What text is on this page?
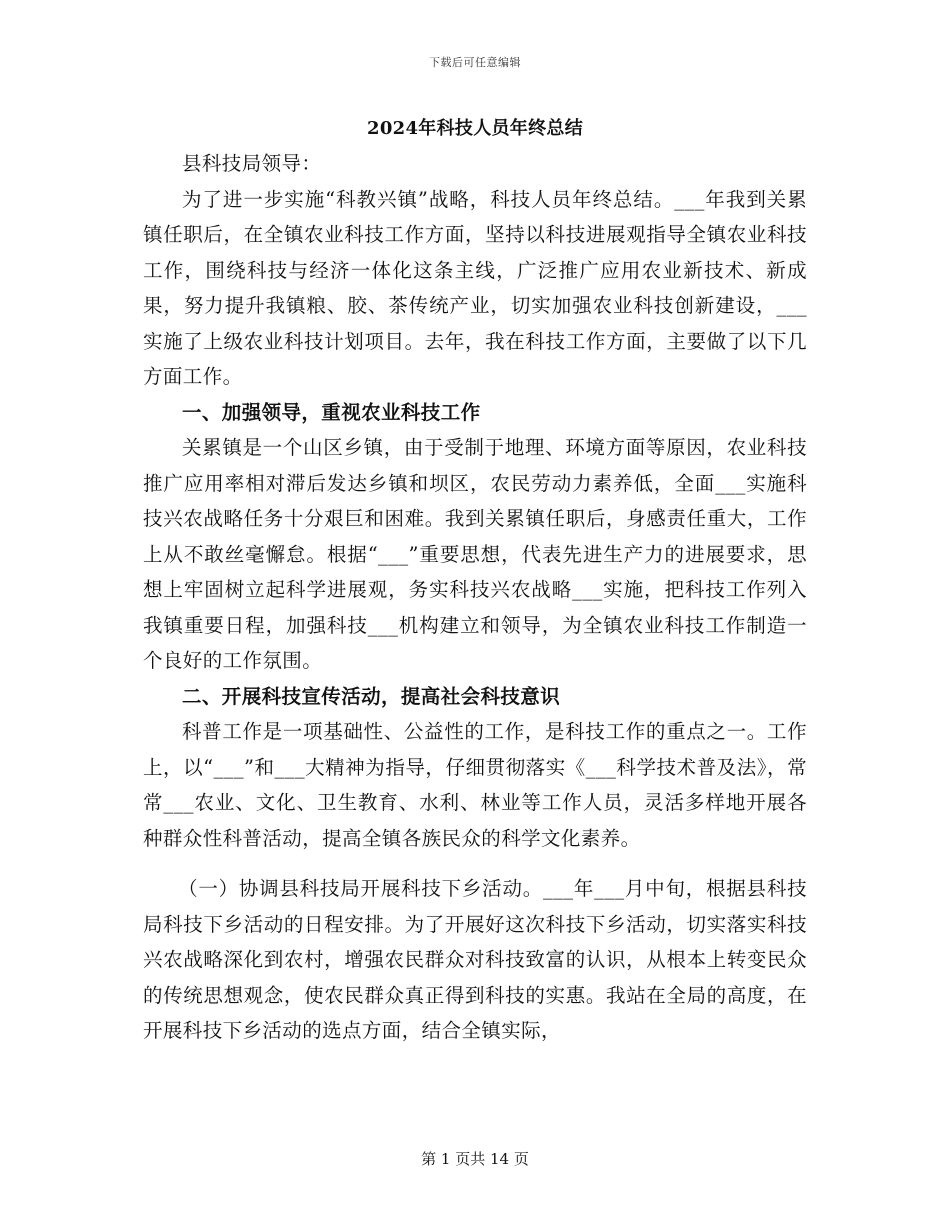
下载后可任意编辑

2024年科技人员年终总结

县科技局领导：

为了进一步实施“科教兴镇”战略，科技人员年终总结。___年我到关累镇任职后，在全镇农业科技工作方面，坚持以科技进展观指导全镇农业科技工作，围绕科技与经济一体化这条主线，广泛推广应用农业新技术、新成果，努力提升我镇粮、胶、茶传统产业，切实加强农业科技创新建设，___实施了上级农业科技计划项目。去年，我在科技工作方面，主要做了以下几方面工作。

一、加强领导，重视农业科技工作

关累镇是一个山区乡镇，由于受制于地理、环境方面等原因，农业科技推广应用率相对滞后发达乡镇和坝区，农民劳动力素养低，全面___实施科技兴农战略任务十分艰巨和困难。我到关累镇任职后，身感责任重大，工作上从不敢丝毫懈怠。根据“___”重要思想，代表先进生产力的进展要求，思想上牢固树立起科学进展观，务实科技兴农战略___实施，把科技工作列入我镇重要日程，加强科技___机构建立和领导，为全镇农业科技工作制造一个良好的工作氛围。

二、开展科技宣传活动，提高社会科技意识

科普工作是一项基础性、公益性的工作，是科技工作的重点之一。工作上，以“___”和___大精神为指导，仔细贯彻落实《___科学技术普及法》，常常___农业、文化、卫生教育、水利、林业等工作人员，灵活多样地开展各种群众性科普活动，提高全镇各族民众的科学文化素养。

（一）协调县科技局开展科技下乡活动。___年___月中旬，根据县科技局科技下乡活动的日程安排。为了开展好这次科技下乡活动，切实落实科技兴农战略深化到农村，增强农民群众对科技致富的认识，从根本上转变民众的传统思想观念，使农民群众真正得到科技的实惠。我站在全局的高度，在开展科技下乡活动的选点方面，结合全镇实际，

第 1 页共 14 页
